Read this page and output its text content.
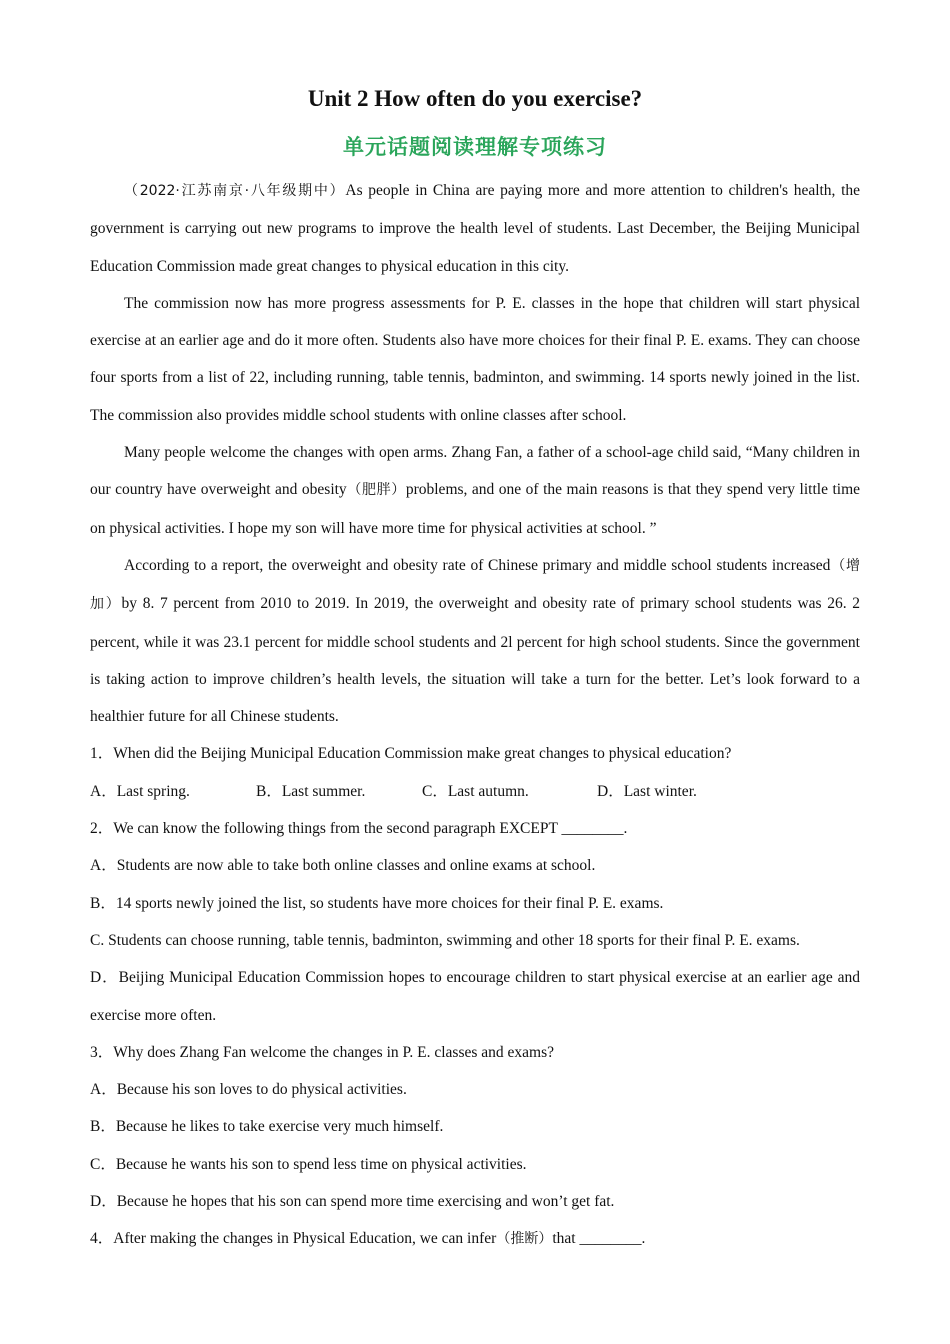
Unit 2 How often do you exercise?
单元话题阅读理解专项练习

（2022·江苏南京·八年级期中）As people in China are paying more and more attention to children's health, the government is carrying out new programs to improve the health level of students. Last December, the Beijing Municipal Education Commission made great changes to physical education in this city.

The commission now has more progress assessments for P. E. classes in the hope that children will start physical exercise at an earlier age and do it more often. Students also have more choices for their final P. E. exams. They can choose four sports from a list of 22, including running, table tennis, badminton, and swimming. 14 sports newly joined in the list. The commission also provides middle school students with online classes after school.

Many people welcome the changes with open arms. Zhang Fan, a father of a school-age child said, “Many children in our country have overweight and obesity（肥胖）problems, and one of the main reasons is that they spend very little time on physical activities. I hope my son will have more time for physical activities at school. ”

According to a report, the overweight and obesity rate of Chinese primary and middle school students increased（增加）by 8. 7 percent from 2010 to 2019. In 2019, the overweight and obesity rate of primary school students was 26. 2 percent, while it was 23.1 percent for middle school students and 2l percent for high school students. Since the government is taking action to improve children’s health levels, the situation will take a turn for the better. Let’s look forward to a healthier future for all Chinese students.

1．When did the Beijing Municipal Education Commission make great changes to physical education?

A．Last spring.	B．Last summer.	C．Last autumn.	D．Last winter.

2．We can know the following things from the second paragraph EXCEPT ________.

A．Students are now able to take both online classes and online exams at school.

B．14 sports newly joined the list, so students have more choices for their final P. E. exams.

C. Students can choose running, table tennis, badminton, swimming and other 18 sports for their final P. E. exams.

D．Beijing Municipal Education Commission hopes to encourage children to start physical exercise at an earlier age and exercise more often.

3．Why does Zhang Fan welcome the changes in P. E. classes and exams?

A．Because his son loves to do physical activities.

B．Because he likes to take exercise very much himself.

C．Because he wants his son to spend less time on physical activities.

D．Because he hopes that his son can spend more time exercising and won’t get fat.

4．After making the changes in Physical Education, we can infer（推断）that ________.
